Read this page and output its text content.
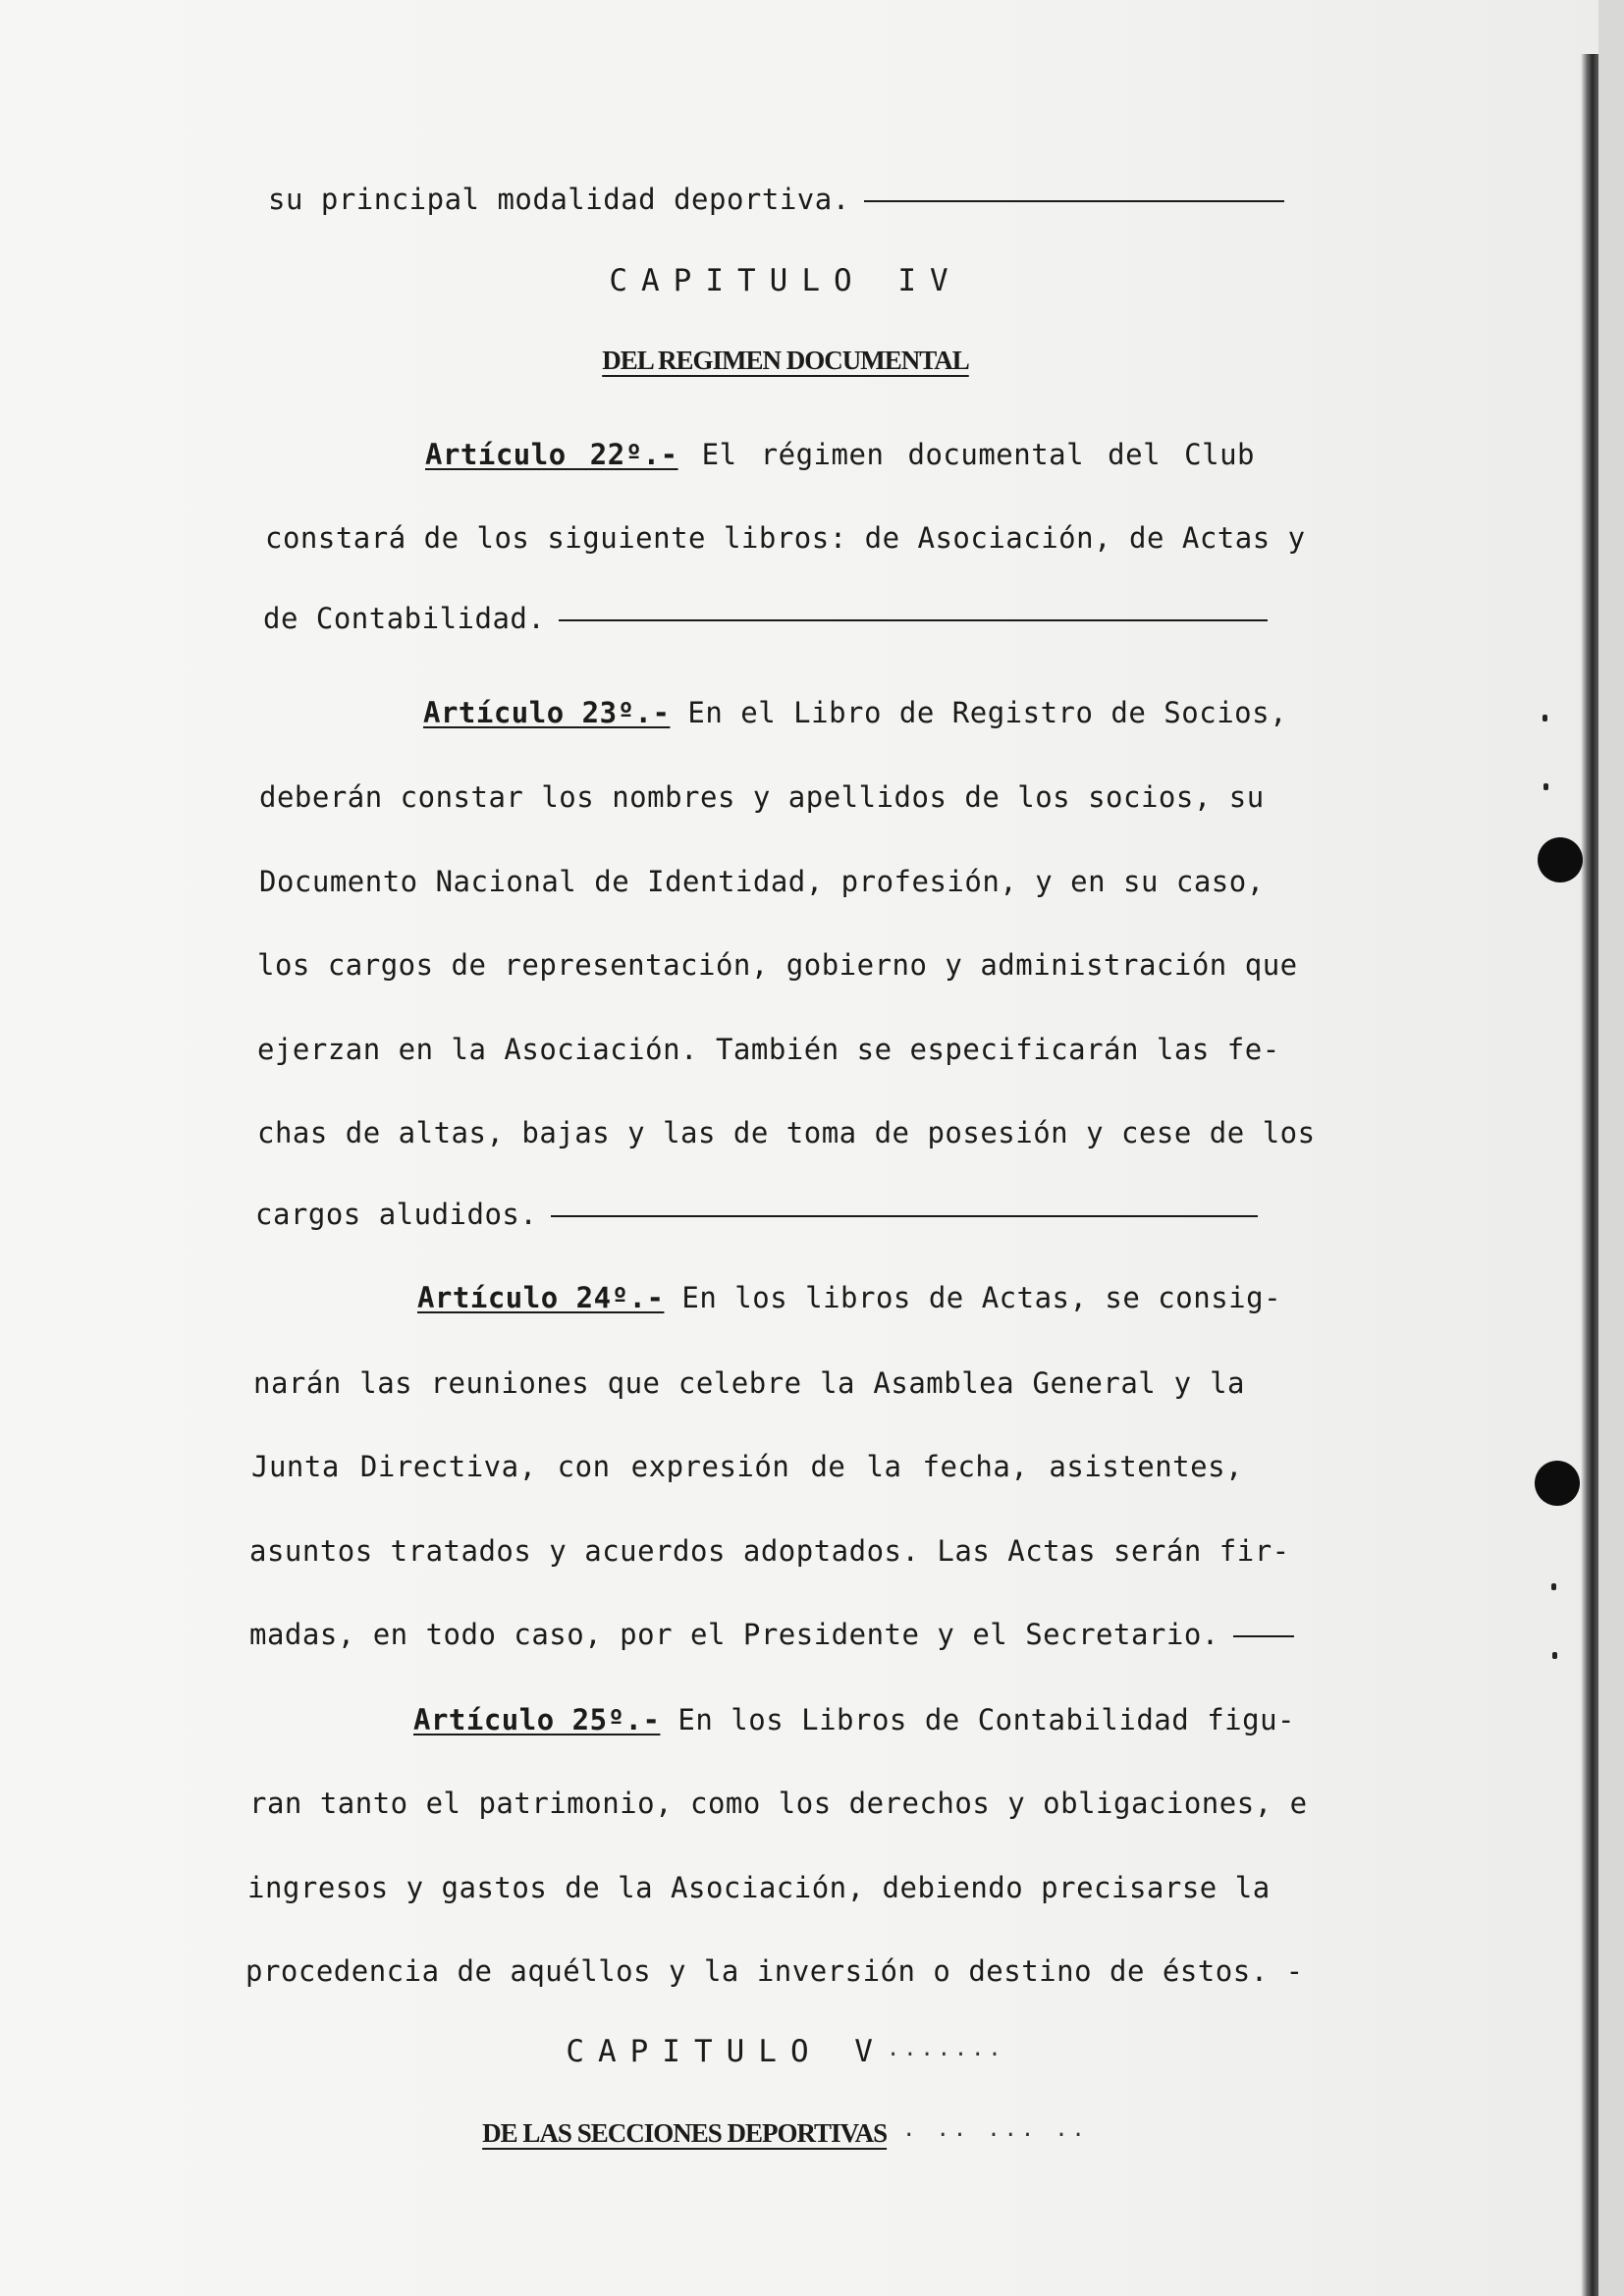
su principal modalidad deportiva.
CAPITULO IV
DEL REGIMEN DOCUMENTAL
Artículo 22º.- El régimen documental del Club
constará de los siguiente libros: de Asociación, de Actas y
de Contabilidad.
Artículo 23º.- En el Libro de Registro de Socios,
deberán constar los nombres y apellidos de los socios, su
Documento Nacional de Identidad, profesión, y en su caso,
los cargos de representación, gobierno y administración que
ejerzan en la Asociación. También se especificarán las fe-
chas de altas, bajas y las de toma de posesión y cese de los
cargos aludidos.
Artículo 24º.- En los libros de Actas, se consig-
narán las reuniones que celebre la Asamblea General y la
Junta Directiva, con expresión de la fecha, asistentes,
asuntos tratados y acuerdos adoptados. Las Actas serán fir-
madas, en todo caso, por el Presidente y el Secretario.
Artículo 25º.- En los Libros de Contabilidad figu-
ran tanto el patrimonio, como los derechos y obligaciones, e
ingresos y gastos de la Asociación, debiendo precisarse la
procedencia de aquéllos y la inversión o destino de éstos. -
CAPITULO V·······
DE LAS SECCIONES DEPORTIVAS · ·· ··· ··
